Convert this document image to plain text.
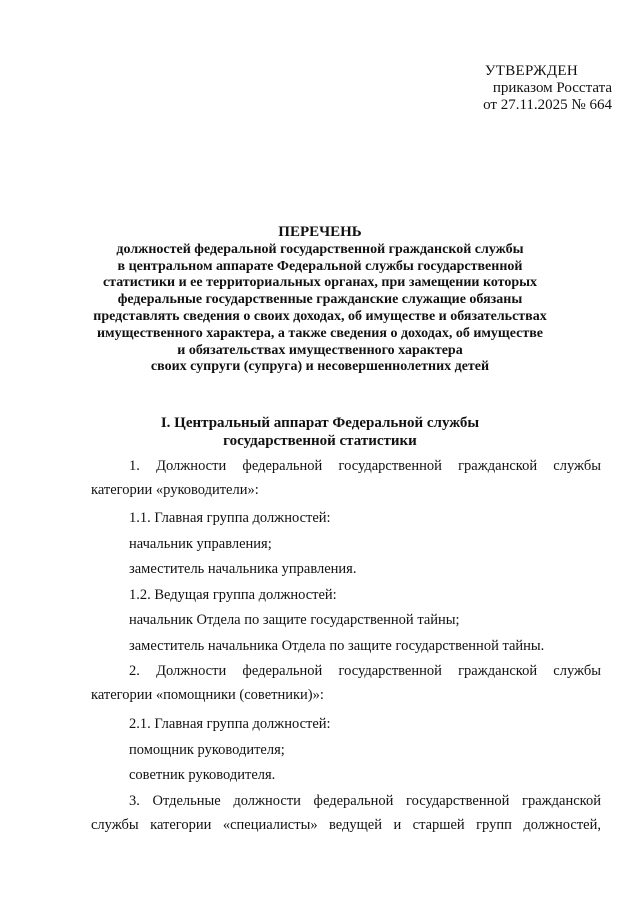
УТВЕРЖДЕН
приказом Росстата
от 27.11.2025 № 664
ПЕРЕЧЕНЬ
должностей федеральной государственной гражданской службы
в центральном аппарате Федеральной службы государственной
статистики и ее территориальных органах, при замещении которых
федеральные государственные гражданские служащие обязаны
представлять сведения о своих доходах, об имуществе и обязательствах
имущественного характера, а также сведения о доходах, об имуществе
и обязательствах имущественного характера
своих супруги (супруга) и несовершеннолетних детей
I. Центральный аппарат Федеральной службы
государственной статистики
1. Должности федеральной государственной гражданской службы
категории «руководители»:
1.1. Главная группа должностей:
начальник управления;
заместитель начальника управления.
1.2. Ведущая группа должностей:
начальник Отдела по защите государственной тайны;
заместитель начальника Отдела по защите государственной тайны.
2. Должности федеральной государственной гражданской службы
категории «помощники (советники)»:
2.1. Главная группа должностей:
помощник руководителя;
советник руководителя.
3. Отдельные должности федеральной государственной гражданской
службы категории «специалисты» ведущей и старшей групп должностей,
